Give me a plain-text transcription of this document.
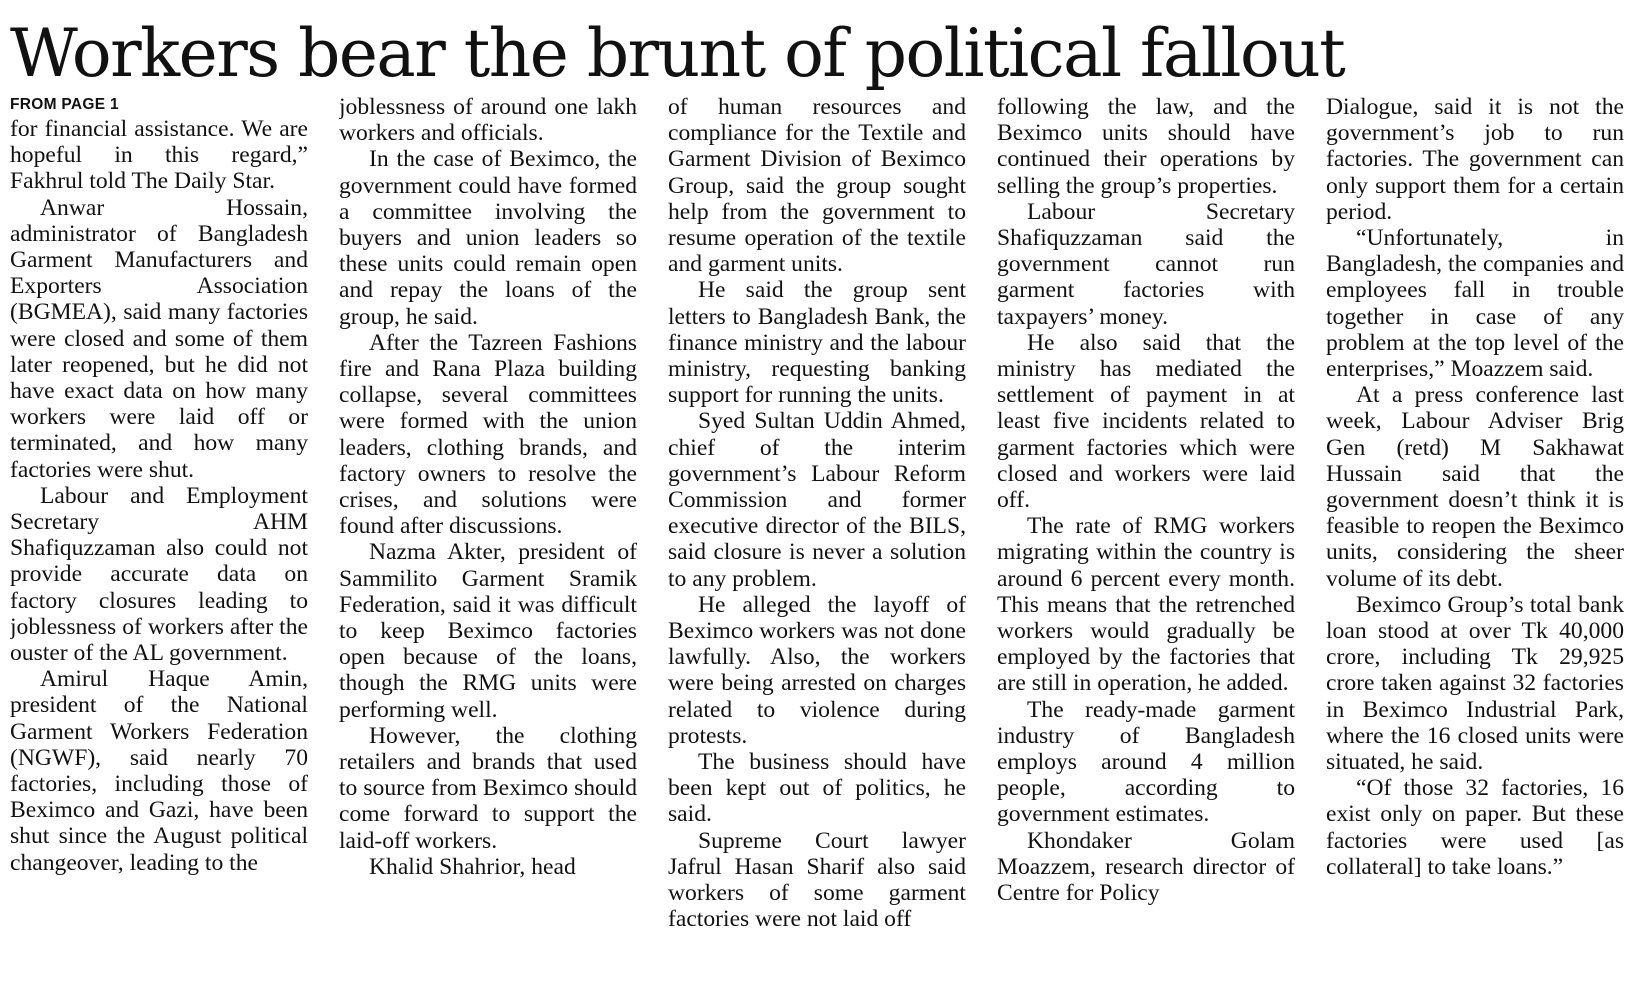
Workers bear the brunt of political fallout
FROM PAGE 1

for financial assistance. We are hopeful in this regard,” Fakhrul told The Daily Star.

Anwar Hossain, administrator of Bangladesh Garment Manufacturers and Exporters Association (BGMEA), said many factories were closed and some of them later reopened, but he did not have exact data on how many workers were laid off or terminated, and how many factories were shut.

Labour and Employment Secretary AHM Shafiquzzaman also could not provide accurate data on factory closures leading to joblessness of workers after the ouster of the AL government.

Amirul Haque Amin, president of the National Garment Workers Federation (NGWF), said nearly 70 factories, including those of Beximco and Gazi, have been shut since the August political changeover, leading to the

joblessness of around one lakh workers and officials.

In the case of Beximco, the government could have formed a committee involving the buyers and union leaders so these units could remain open and repay the loans of the group, he said.

After the Tazreen Fashions fire and Rana Plaza building collapse, several committees were formed with the union leaders, clothing brands, and factory owners to resolve the crises, and solutions were found after discussions.

Nazma Akter, president of Sammilito Garment Sramik Federation, said it was difficult to keep Beximco factories open because of the loans, though the RMG units were performing well.

However, the clothing retailers and brands that used to source from Beximco should come forward to support the laid-off workers.

Khalid Shahrior, head

of human resources and compliance for the Textile and Garment Division of Beximco Group, said the group sought help from the government to resume operation of the textile and garment units.

He said the group sent letters to Bangladesh Bank, the finance ministry and the labour ministry, requesting banking support for running the units.

Syed Sultan Uddin Ahmed, chief of the interim government’s Labour Reform Commission and former executive director of the BILS, said closure is never a solution to any problem.

He alleged the layoff of Beximco workers was not done lawfully. Also, the workers were being arrested on charges related to violence during protests.

The business should have been kept out of politics, he said.

Supreme Court lawyer Jafrul Hasan Sharif also said workers of some garment factories were not laid off

following the law, and the Beximco units should have continued their operations by selling the group’s properties.

Labour Secretary Shafiquzzaman said the government cannot run garment factories with taxpayers’ money.

He also said that the ministry has mediated the settlement of payment in at least five incidents related to garment factories which were closed and workers were laid off.

The rate of RMG workers migrating within the country is around 6 percent every month. This means that the retrenched workers would gradually be employed by the factories that are still in operation, he added.

The ready-made garment industry of Bangladesh employs around 4 million people, according to government estimates.

Khondaker Golam Moazzem, research director of Centre for Policy

Dialogue, said it is not the government’s job to run factories. The government can only support them for a certain period.

“Unfortunately, in Bangladesh, the companies and employees fall in trouble together in case of any problem at the top level of the enterprises,” Moazzem said.

At a press conference last week, Labour Adviser Brig Gen (retd) M Sakhawat Hussain said that the government doesn’t think it is feasible to reopen the Beximco units, considering the sheer volume of its debt.

Beximco Group’s total bank loan stood at over Tk 40,000 crore, including Tk 29,925 crore taken against 32 factories in Beximco Industrial Park, where the 16 closed units were situated, he said.

“Of those 32 factories, 16 exist only on paper. But these factories were used [as collateral] to take loans.”
